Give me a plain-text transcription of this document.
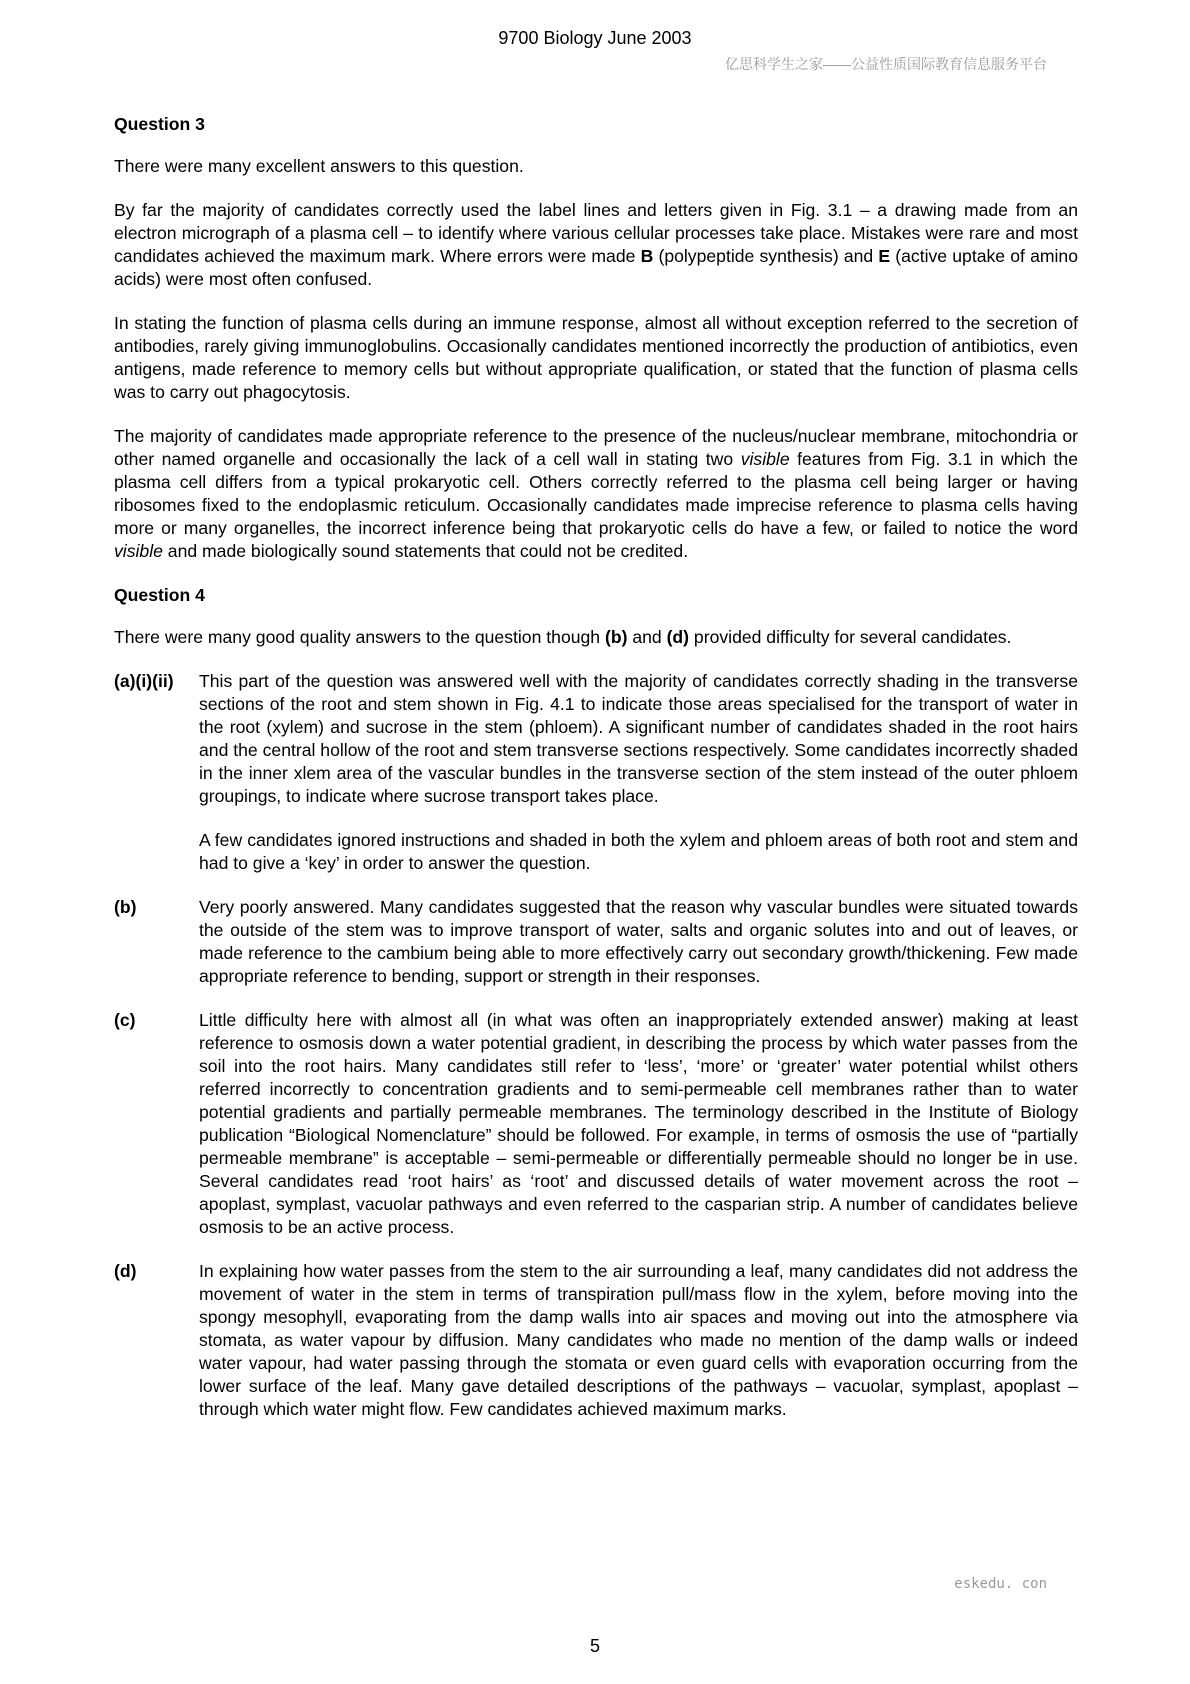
9700 Biology June 2003
亿思科学生之家——公益性质国际教育信息服务平台
Question 3

There were many excellent answers to this question.

By far the majority of candidates correctly used the label lines and letters given in Fig. 3.1 – a drawing made from an electron micrograph of a plasma cell – to identify where various cellular processes take place. Mistakes were rare and most candidates achieved the maximum mark. Where errors were made B (polypeptide synthesis) and E (active uptake of amino acids) were most often confused.

In stating the function of plasma cells during an immune response, almost all without exception referred to the secretion of antibodies, rarely giving immunoglobulins. Occasionally candidates mentioned incorrectly the production of antibiotics, even antigens, made reference to memory cells but without appropriate qualification, or stated that the function of plasma cells was to carry out phagocytosis.

The majority of candidates made appropriate reference to the presence of the nucleus/nuclear membrane, mitochondria or other named organelle and occasionally the lack of a cell wall in stating two visible features from Fig. 3.1 in which the plasma cell differs from a typical prokaryotic cell. Others correctly referred to the plasma cell being larger or having ribosomes fixed to the endoplasmic reticulum. Occasionally candidates made imprecise reference to plasma cells having more or many organelles, the incorrect inference being that prokaryotic cells do have a few, or failed to notice the word visible and made biologically sound statements that could not be credited.

Question 4

There were many good quality answers to the question though (b) and (d) provided difficulty for several candidates.

(a)(i)(ii)	This part of the question was answered well with the majority of candidates correctly shading in the transverse sections of the root and stem shown in Fig. 4.1 to indicate those areas specialised for the transport of water in the root (xylem) and sucrose in the stem (phloem). A significant number of candidates shaded in the root hairs and the central hollow of the root and stem transverse sections respectively. Some candidates incorrectly shaded in the inner xlem area of the vascular bundles in the transverse section of the stem instead of the outer phloem groupings, to indicate where sucrose transport takes place.

A few candidates ignored instructions and shaded in both the xylem and phloem areas of both root and stem and had to give a ‘key’ in order to answer the question.

(b)	Very poorly answered. Many candidates suggested that the reason why vascular bundles were situated towards the outside of the stem was to improve transport of water, salts and organic solutes into and out of leaves, or made reference to the cambium being able to more effectively carry out secondary growth/thickening. Few made appropriate reference to bending, support or strength in their responses.

(c)	Little difficulty here with almost all (in what was often an inappropriately extended answer) making at least reference to osmosis down a water potential gradient, in describing the process by which water passes from the soil into the root hairs. Many candidates still refer to ‘less’, ‘more’ or ‘greater’ water potential whilst others referred incorrectly to concentration gradients and to semi-permeable cell membranes rather than to water potential gradients and partially permeable membranes. The terminology described in the Institute of Biology publication “Biological Nomenclature” should be followed. For example, in terms of osmosis the use of “partially permeable membrane” is acceptable – semi-permeable or differentially permeable should no longer be in use. Several candidates read ‘root hairs’ as ‘root’ and discussed details of water movement across the root – apoplast, symplast, vacuolar pathways and even referred to the casparian strip. A number of candidates believe osmosis to be an active process.

(d)	In explaining how water passes from the stem to the air surrounding a leaf, many candidates did not address the movement of water in the stem in terms of transpiration pull/mass flow in the xylem, before moving into the spongy mesophyll, evaporating from the damp walls into air spaces and moving out into the atmosphere via stomata, as water vapour by diffusion. Many candidates who made no mention of the damp walls or indeed water vapour, had water passing through the stomata or even guard cells with evaporation occurring from the lower surface of the leaf. Many gave detailed descriptions of the pathways – vacuolar, symplast, apoplast – through which water might flow. Few candidates achieved maximum marks.

eskedu. con
5
